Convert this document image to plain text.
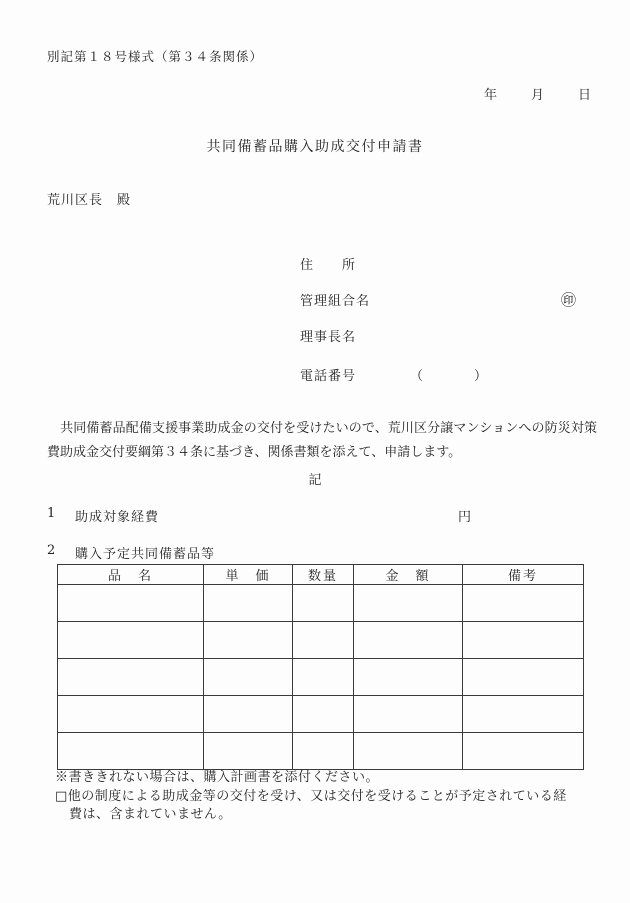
別記第１８号様式（第３４条関係）
年	月	日
共同備蓄品購入助成交付申請書
荒川区長　殿
住　　所
管理組合名	㊞
理事長名
電話番号	（	）
　共同備蓄品配備支援事業助成金の交付を受けたいので、荒川区分譲マンションへの防災対策費助成金交付要綱第３４条に基づき、関係書類を添えて、申請します。
記
1 助成対象経費	円
2 購入予定共同備蓄品等
品　名	単　価	数量	金　額	備考

※書ききれない場合は、購入計画書を添付ください。
□他の制度による助成金等の交付を受け、又は交付を受けることが予定されている経費は、含まれていません。
